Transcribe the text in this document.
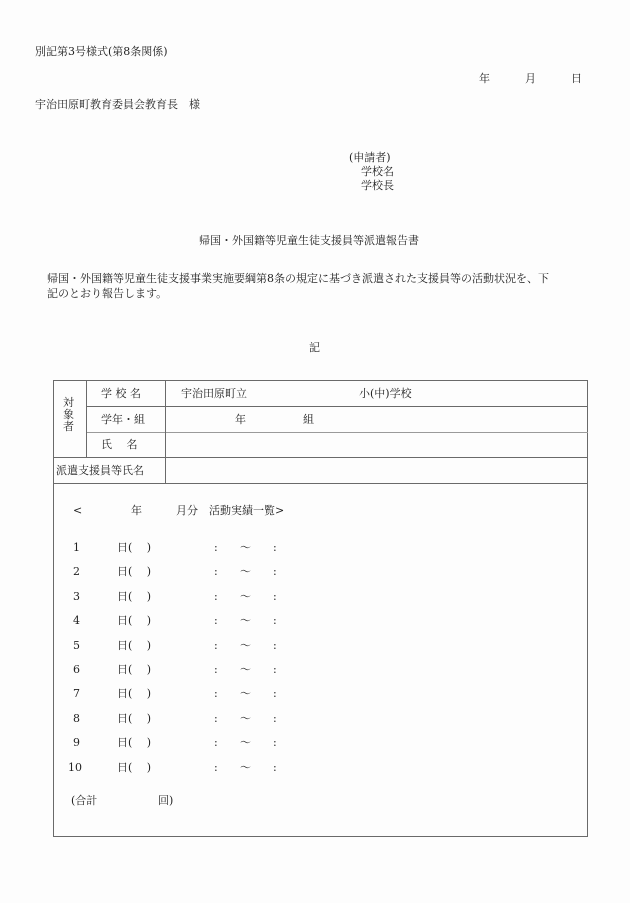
別記第3号様式(第8条関係)
年	月	日
宇治田原町教育委員会教育長　様
(申請者)
学校名
学校長
帰国・外国籍等児童生徒支援員等派遣報告書
帰国・外国籍等児童生徒支援事業実施要綱第8条の規定に基づき派遣された支援員等の活動状況を、下
記のとおり報告します。
記
対
象
者
学 校 名	宇治田原町立	小(中)学校
学年・組	年	組
氏　 名
派遣支援員等氏名
<	年	月分　活動実績一覧>
1	日(　 )	: 〜 :
2	日(　 )	: 〜 :
3	日(　 )	: 〜 :
4	日(　 )	: 〜 :
5	日(　 )	: 〜 :
6	日(　 )	: 〜 :
7	日(　 )	: 〜 :
8	日(　 )	: 〜 :
9	日(　 )	: 〜 :
10	日(　 )	: 〜 :
(合計	回)
